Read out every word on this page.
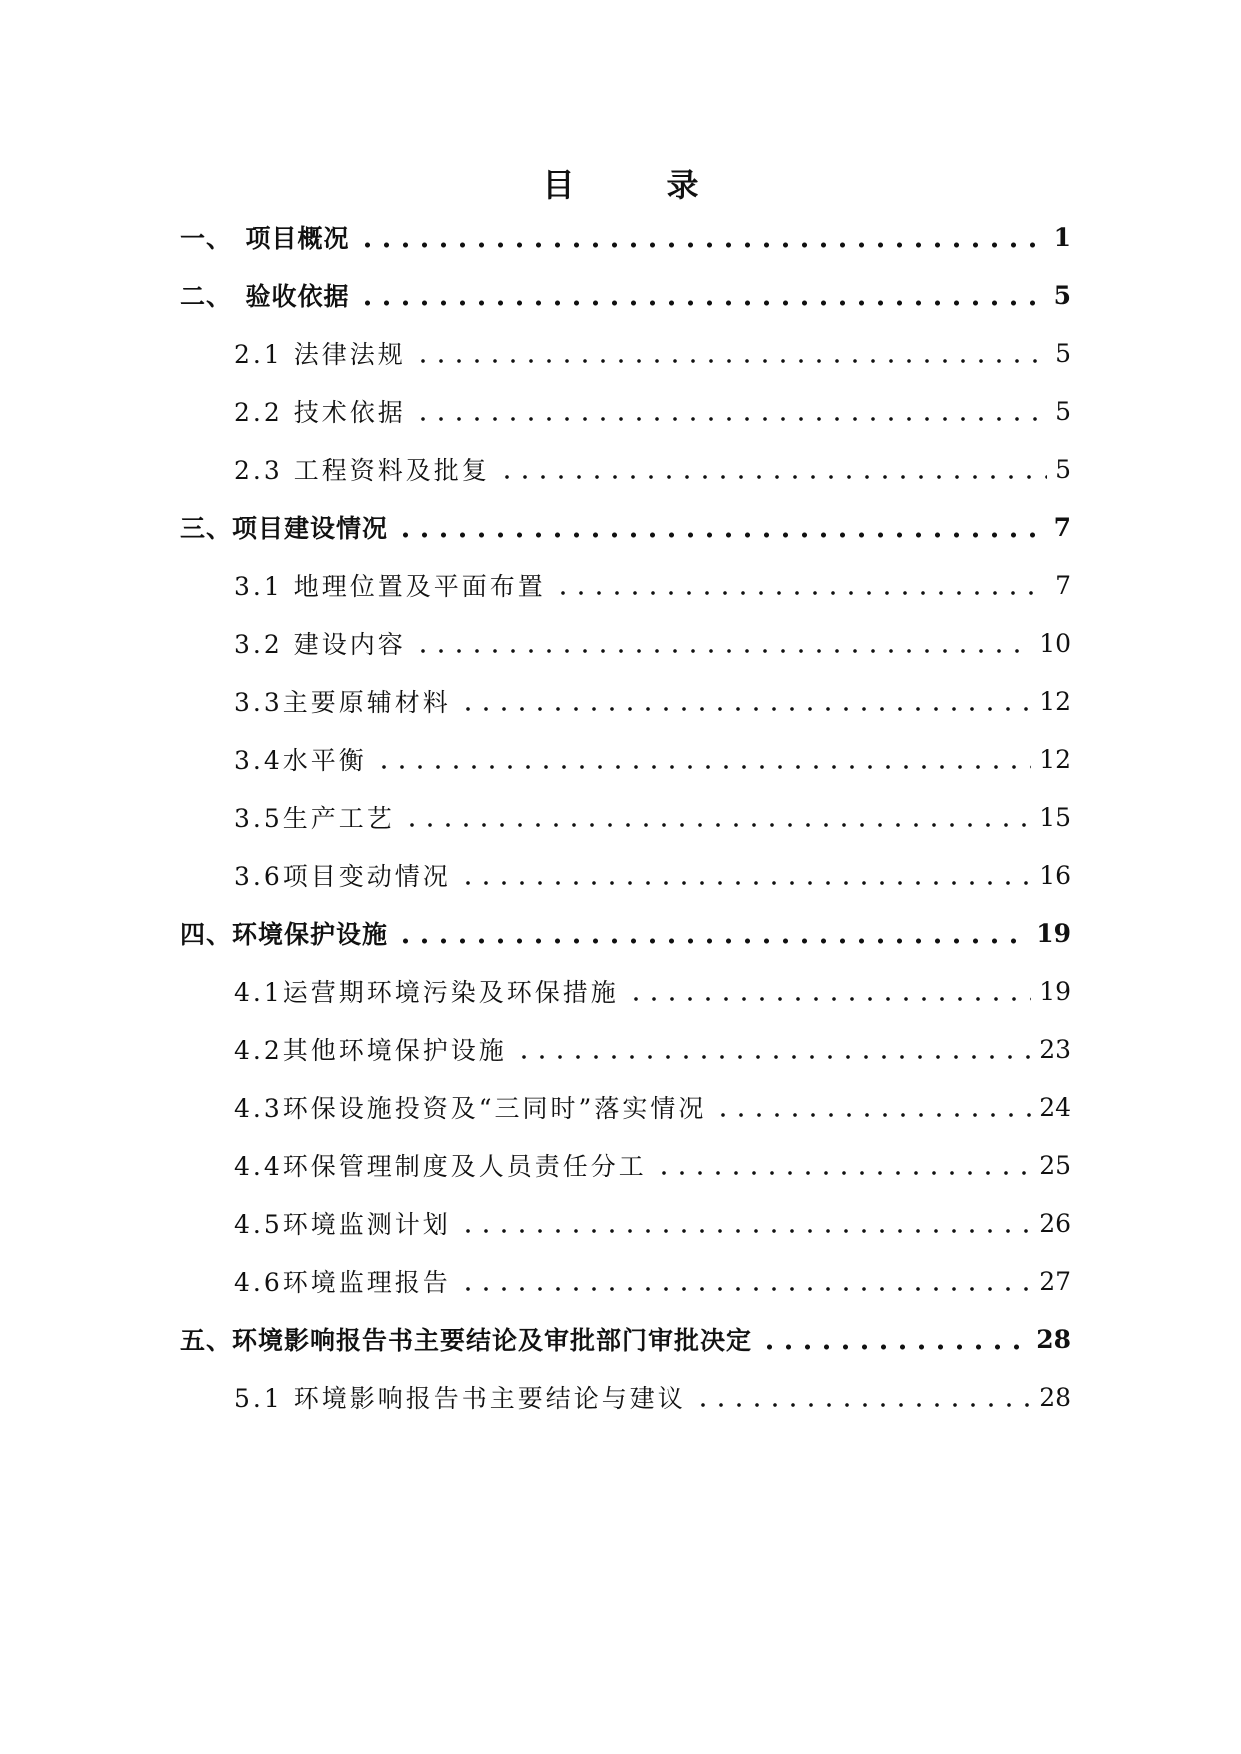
目　录
一、　项目概况	1
二、　验收依据	5
2.1 法律法规	5
2.2 技术依据	5
2.3 工程资料及批复	5
三、项目建设情况	7
3.1 地理位置及平面布置	7
3.2 建设内容	10
3.3主要原辅材料	12
3.4水平衡	12
3.5生产工艺	15
3.6项目变动情况	16
四、环境保护设施	19
4.1运营期环境污染及环保措施	19
4.2其他环境保护设施	23
4.3环保设施投资及“三同时”落实情况	24
4.4环保管理制度及人员责任分工	25
4.5环境监测计划	26
4.6环境监理报告	27
五、环境影响报告书主要结论及审批部门审批决定	28
5.1 环境影响报告书主要结论与建议	28
